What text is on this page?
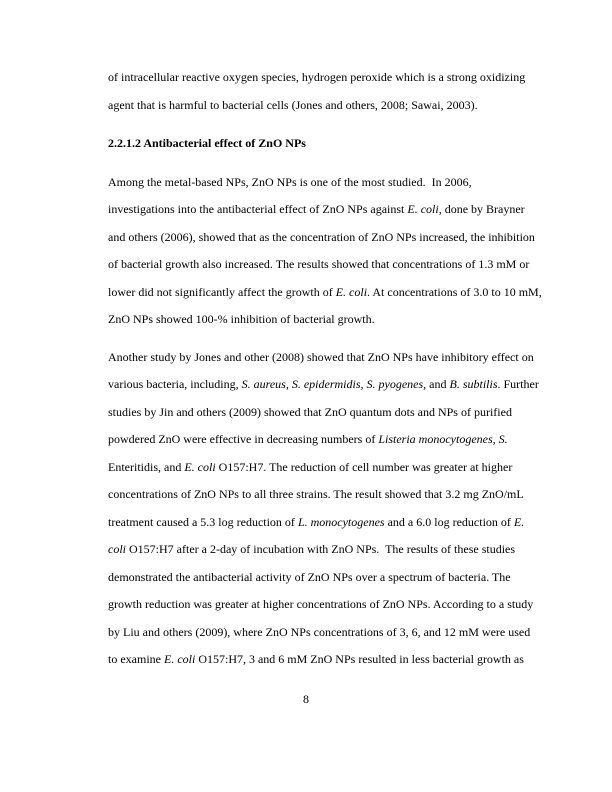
of intracellular reactive oxygen species, hydrogen peroxide which is a strong oxidizing
agent that is harmful to bacterial cells (Jones and others, 2008; Sawai, 2003).
2.2.1.2 Antibacterial effect of ZnO NPs
Among the metal-based NPs, ZnO NPs is one of the most studied.  In 2006,
investigations into the antibacterial effect of ZnO NPs against E. coli, done by Brayner
and others (2006), showed that as the concentration of ZnO NPs increased, the inhibition
of bacterial growth also increased. The results showed that concentrations of 1.3 mM or
lower did not significantly affect the growth of E. coli. At concentrations of 3.0 to 10 mM,
ZnO NPs showed 100-% inhibition of bacterial growth.
Another study by Jones and other (2008) showed that ZnO NPs have inhibitory effect on
various bacteria, including, S. aureus, S. epidermidis, S. pyogenes, and B. subtilis. Further
studies by Jin and others (2009) showed that ZnO quantum dots and NPs of purified
powdered ZnO were effective in decreasing numbers of Listeria monocytogenes, S.
Enteritidis, and E. coli O157:H7. The reduction of cell number was greater at higher
concentrations of ZnO NPs to all three strains. The result showed that 3.2 mg ZnO/mL
treatment caused a 5.3 log reduction of L. monocytogenes and a 6.0 log reduction of E.
coli O157:H7 after a 2-day of incubation with ZnO NPs.  The results of these studies
demonstrated the antibacterial activity of ZnO NPs over a spectrum of bacteria. The
growth reduction was greater at higher concentrations of ZnO NPs. According to a study
by Liu and others (2009), where ZnO NPs concentrations of 3, 6, and 12 mM were used
to examine E. coli O157:H7, 3 and 6 mM ZnO NPs resulted in less bacterial growth as
8
